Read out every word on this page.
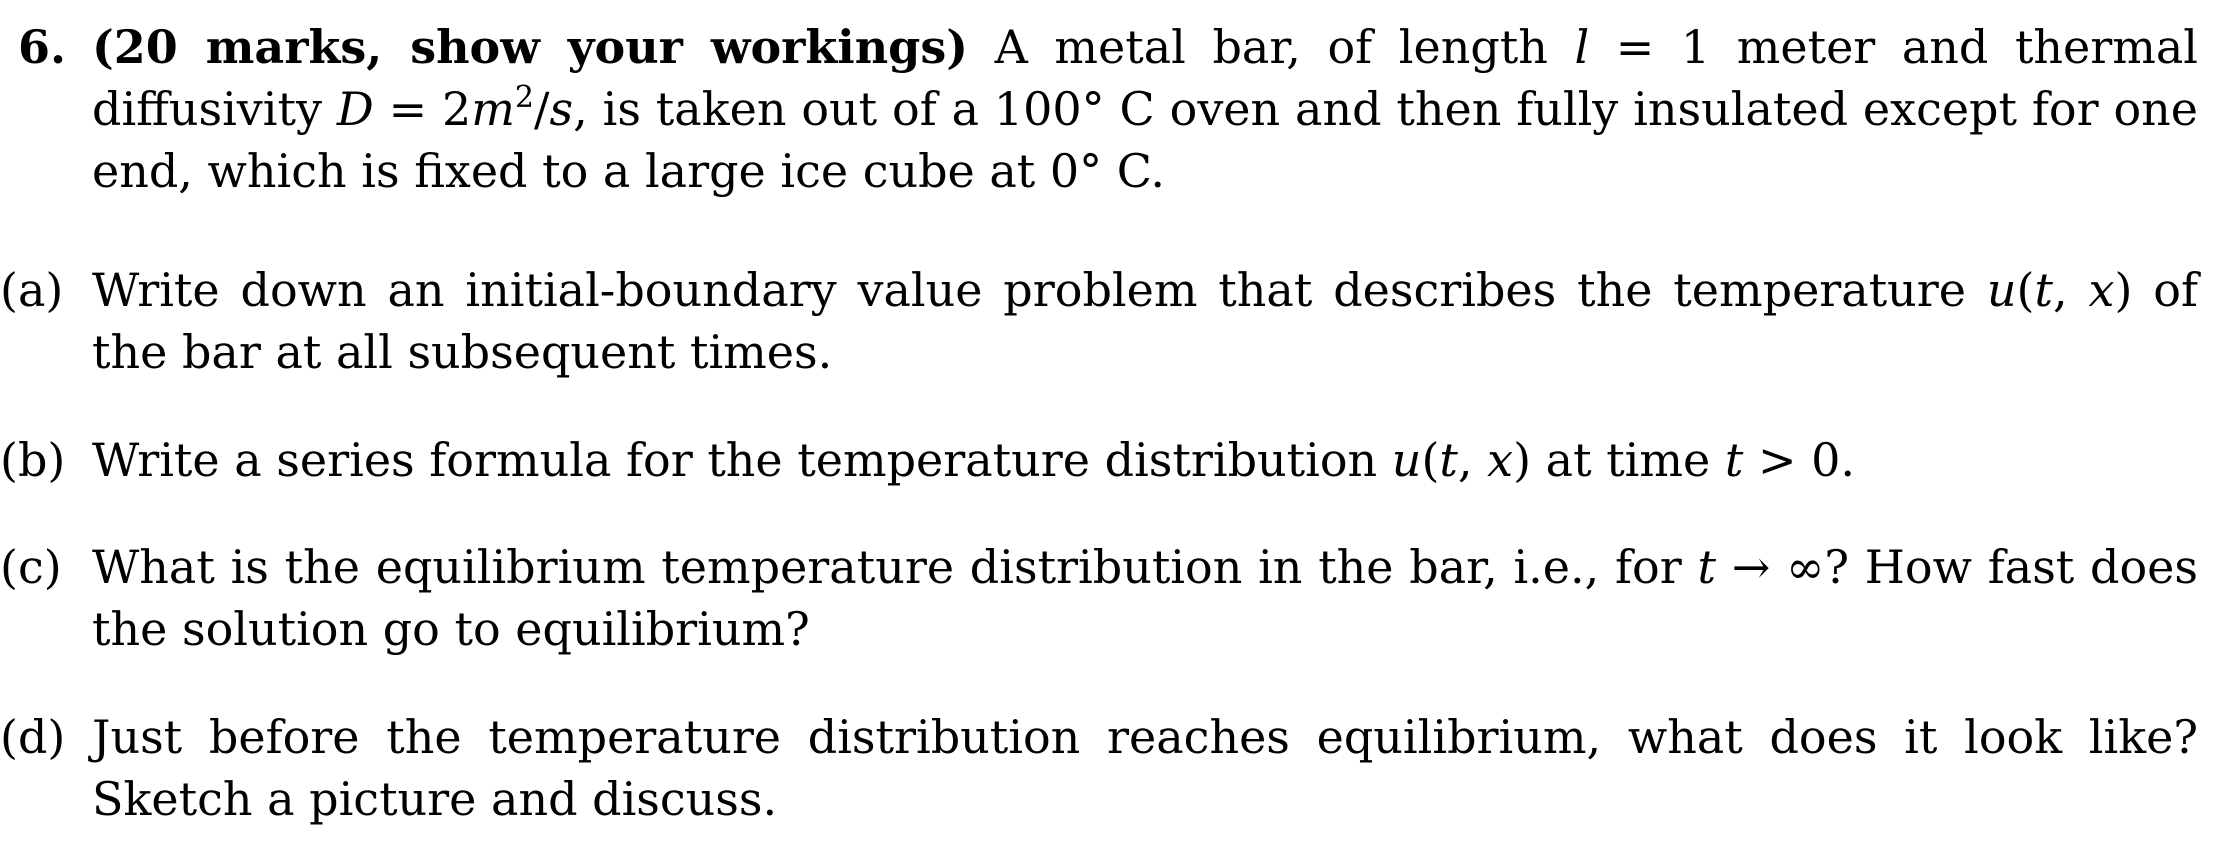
6. (20 marks, show your workings) A metal bar, of length l = 1 meter and thermal diffusivity $D = 2m^2/s$, is taken out of a 100° C oven and then fully insulated except for one end, which is fixed to a large ice cube at 0° C.
(a) Write down an initial-boundary value problem that describes the temperature u(t, x) of the bar at all subsequent times.
(b) Write a series formula for the temperature distribution u(t, x) at time t > 0.
(c) What is the equilibrium temperature distribution in the bar, i.e., for t → ∞? How fast does the solution go to equilibrium?
(d) Just before the temperature distribution reaches equilibrium, what does it look like? Sketch a picture and discuss.
